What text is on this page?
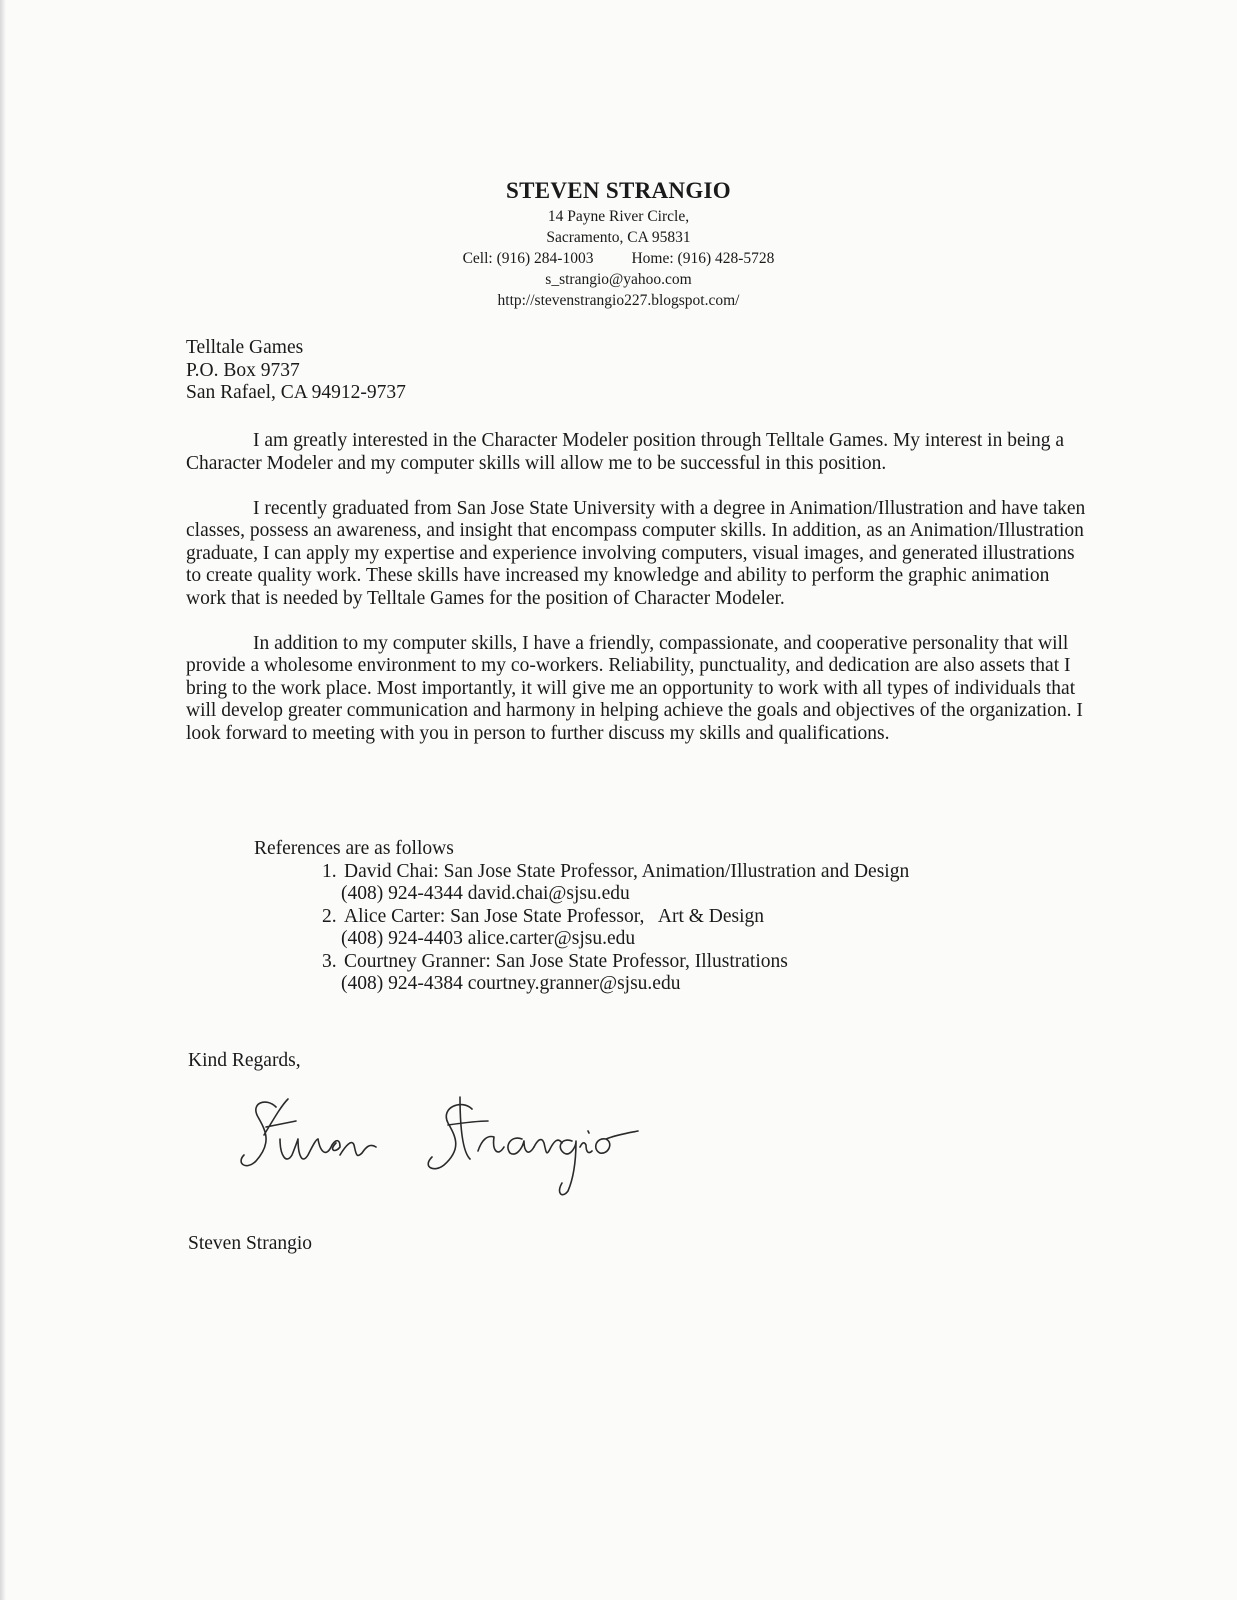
STEVEN STRANGIO
14 Payne River Circle,
Sacramento, CA 95831
Cell: (916) 284-1003 Home: (916) 428-5728
s_strangio@yahoo.com
http://stevenstrangio227.blogspot.com/
Telltale Games
P.O. Box 9737
San Rafael, CA 94912-9737

I am greatly interested in the Character Modeler position through Telltale Games. My interest in being a Character Modeler and my computer skills will allow me to be successful in this position.

I recently graduated from San Jose State University with a degree in Animation/Illustration and have taken classes, possess an awareness, and insight that encompass computer skills. In addition, as an Animation/Illustration graduate, I can apply my expertise and experience involving computers, visual images, and generated illustrations to create quality work. These skills have increased my knowledge and ability to perform the graphic animation work that is needed by Telltale Games for the position of Character Modeler.

In addition to my computer skills, I have a friendly, compassionate, and cooperative personality that will provide a wholesome environment to my co-workers. Reliability, punctuality, and dedication are also assets that I bring to the work place. Most importantly, it will give me an opportunity to work with all types of individuals that will develop greater communication and harmony in helping achieve the goals and objectives of the organization. I look forward to meeting with you in person to further discuss my skills and qualifications.

References are as follows
1. David Chai: San Jose State Professor, Animation/Illustration and Design
(408) 924-4344 david.chai@sjsu.edu
2. Alice Carter: San Jose State Professor,   Art & Design
(408) 924-4403 alice.carter@sjsu.edu
3. Courtney Granner: San Jose State Professor, Illustrations
(408) 924-4384 courtney.granner@sjsu.edu
Kind Regards,
Steven Strangio
